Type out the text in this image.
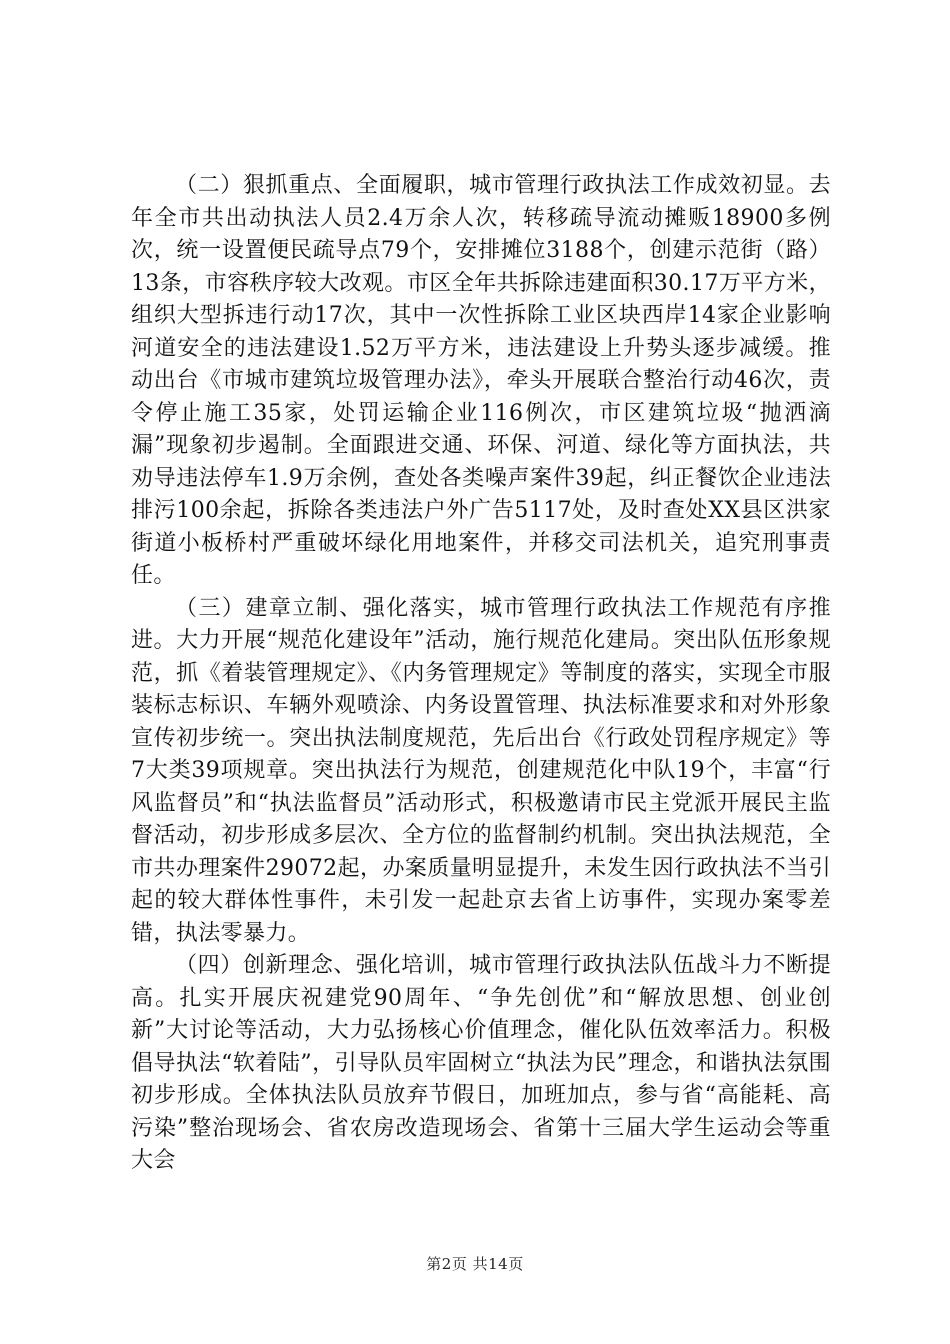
（二）狠抓重点、全面履职，城市管理行政执法工作成效初显。去年全市共出动执法人员2.4万余人次，转移疏导流动摊贩18900多例次，统一设置便民疏导点79个，安排摊位3188个，创建示范街（路）13条，市容秩序较大改观。市区全年共拆除违建面积30.17万平方米，组织大型拆违行动17次，其中一次性拆除工业区块西岸14家企业影响河道安全的违法建设1.52万平方米，违法建设上升势头逐步减缓。推动出台《市城市建筑垃圾管理办法》，牵头开展联合整治行动46次，责令停止施工35家，处罚运输企业116例次，市区建筑垃圾“抛洒滴漏”现象初步遏制。全面跟进交通、环保、河道、绿化等方面执法，共劝导违法停车1.9万余例，查处各类噪声案件39起，纠正餐饮企业违法排污100余起，拆除各类违法户外广告5117处，及时查处XX县区洪家街道小板桥村严重破坏绿化用地案件，并移交司法机关，追究刑事责任。

（三）建章立制、强化落实，城市管理行政执法工作规范有序推进。大力开展“规范化建设年”活动，施行规范化建局。突出队伍形象规范，抓《着装管理规定》、《内务管理规定》等制度的落实，实现全市服装标志标识、车辆外观喷涂、内务设置管理、执法标准要求和对外形象宣传初步统一。突出执法制度规范，先后出台《行政处罚程序规定》等7大类39项规章。突出执法行为规范，创建规范化中队19个，丰富“行风监督员”和“执法监督员”活动形式，积极邀请市民主党派开展民主监督活动，初步形成多层次、全方位的监督制约机制。突出执法规范，全市共办理案件29072起，办案质量明显提升，未发生因行政执法不当引起的较大群体性事件，未引发一起赴京去省上访事件，实现办案零差错，执法零暴力。

（四）创新理念、强化培训，城市管理行政执法队伍战斗力不断提高。扎实开展庆祝建党90周年、“争先创优”和“解放思想、创业创新”大讨论等活动，大力弘扬核心价值理念，催化队伍效率活力。积极倡导执法“软着陆”，引导队员牢固树立“执法为民”理念，和谐执法氛围初步形成。全体执法队员放弃节假日，加班加点，参与省“高能耗、高污染”整治现场会、省农房改造现场会、省第十三届大学生运动会等重大会

第2页 共14页
